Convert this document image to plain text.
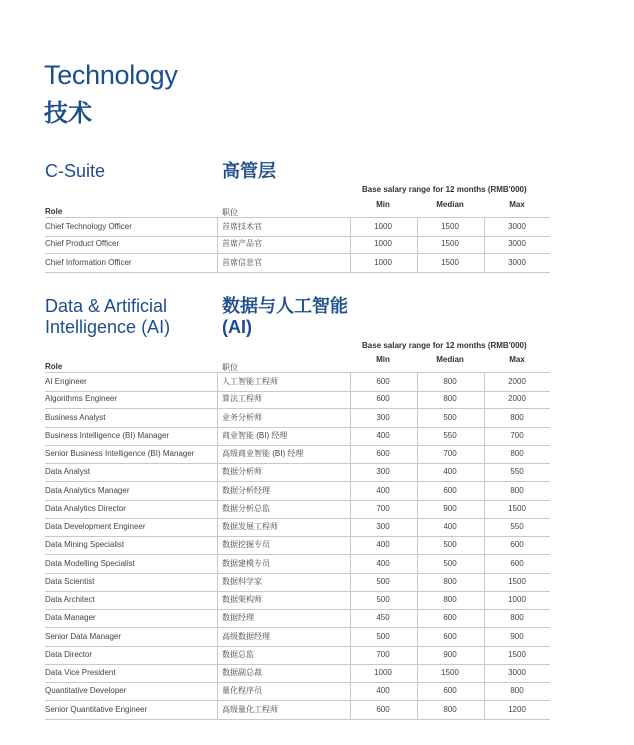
Technology
技术
C-Suite	高管层
Base salary range for 12 months (RMB'000)
Role	职位
Min	Median	Max
Chief Technology Officer	首席技术官	1000	1500	3000
Chief Product Officer	首席产品官	1000	1500	3000
Chief Information Officer	首席信息官	1000	1500	3000
Data & Artificial
Intelligence (AI)
数据与人工智能
(AI)
Base salary range for 12 months (RMB'000)
Role	职位
Min	Median	Max
AI Engineer	人工智能工程师	600	800	2000
Algorithms Engineer	算法工程师	600	800	2000
Business Analyst	业务分析师	300	500	800
Business Intelligence (BI) Manager	商业智能 (BI) 经理	400	550	700
Senior Business Intelligence (BI) Manager	高级商业智能 (BI) 经理	600	700	800
Data Analyst	数据分析师	300	400	550
Data Analytics Manager	数据分析经理	400	600	800
Data Analytics Director	数据分析总监	700	900	1500
Data Development Engineer	数据发展工程师	300	400	550
Data Mining Specialist	数据挖掘专员	400	500	600
Data Modelling Specialist	数据建模专员	400	500	600
Data Scientist	数据科学家	500	800	1500
Data Architect	数据架构师	500	800	1000
Data Manager	数据经理	450	600	800
Senior Data Manager	高级数据经理	500	600	900
Data Director	数据总监	700	900	1500
Data Vice President	数据副总裁	1000	1500	3000
Quantitative Developer	量化程序员	400	600	800
Senior Quantitative Engineer	高级量化工程师	600	800	1200
